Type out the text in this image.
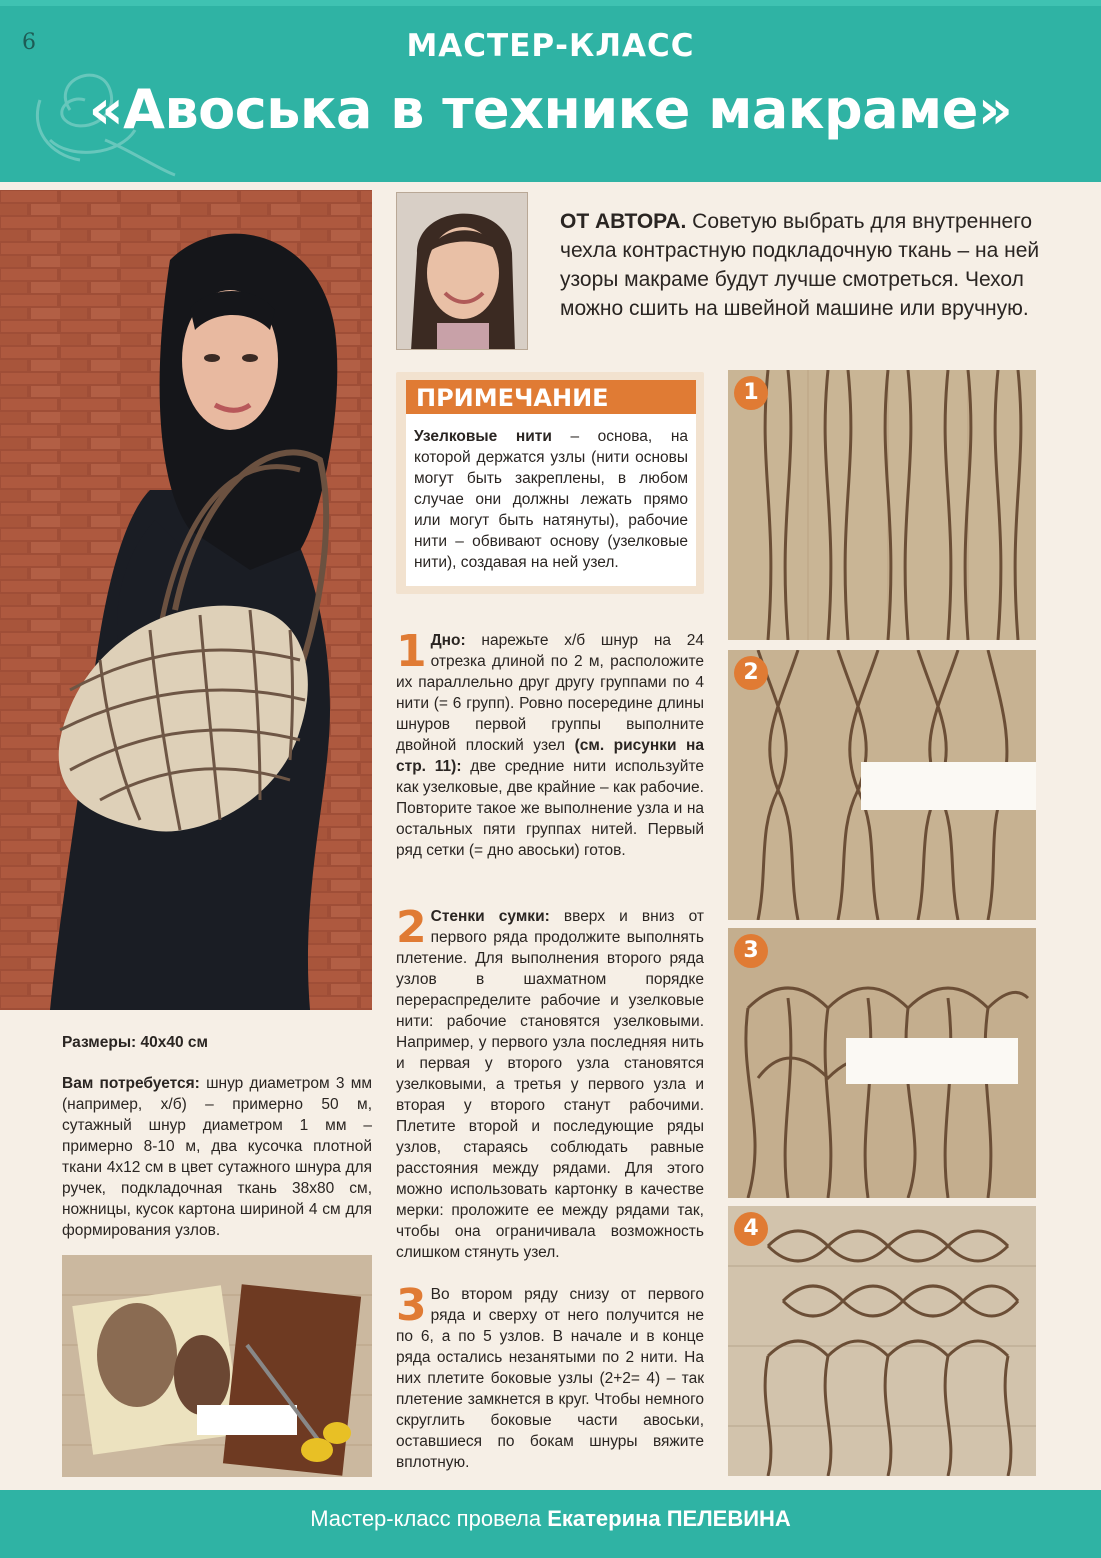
6	МАСТЕР-КЛАСС
«Авоська в технике макраме»
ОТ АВТОРА. Советую выбрать для внутреннего чехла контрастную подкладочную ткань – на ней узоры макраме будут лучше смотреться. Чехол можно сшить на швейной машине или вручную.
ПРИМЕЧАНИЕ
Узелковые нити – основа, на которой держатся узлы (нити основы могут быть закреплены, в любом случае они должны лежать прямо или могут быть натянуты), рабочие нити – обвивают основу (узелковые нити), создавая на ней узел.
1 Дно: нарежьте х/б шнур на 24 отрезка длиной по 2 м, расположите их параллельно друг другу группами по 4 нити (= 6 групп). Ровно посередине длины шнуров первой группы выполните двойной плоский узел (см. рисунки на стр. 11): две средние нити используйте как узелковые, две крайние – как рабочие. Повторите такое же выполнение узла и на остальных пяти группах нитей. Первый ряд сетки (= дно авоськи) готов.
2 Стенки сумки: вверх и вниз от первого ряда продолжите выполнять плетение. Для выполнения второго ряда узлов в шахматном порядке перераспределите рабочие и узелковые нити: рабочие становятся узелковыми. Например, у первого узла последняя нить и первая у второго узла становятся узелковыми, а третья у первого узла и вторая у второго станут рабочими. Плетите второй и последующие ряды узлов, стараясь соблюдать равные расстояния между рядами. Для этого можно использовать картонку в качестве мерки: проложите ее между рядами так, чтобы она ограничивала возможность слишком стянуть узел.
3 Во втором ряду снизу от первого ряда и сверху от него получится не по 6, а по 5 узлов. В начале и в конце ряда остались незанятыми по 2 нити. На них плетите боковые узлы (2+2= 4) – так плетение замкнется в круг. Чтобы немного скруглить боковые части авоськи, оставшиеся по бокам шнуры вяжите вплотную.
Размеры: 40х40 см
Вам потребуется: шнур диаметром 3 мм (например, х/б) – примерно 50 м, сутажный шнур диаметром 1 мм – примерно 8-10 м, два кусочка плотной ткани 4х12 см в цвет сутажного шнура для ручек, подкладочная ткань 38х80 см, ножницы, кусок картона шириной 4 см для формирования узлов.
1
2
3
4
Мастер-класс провела Екатерина ПЕЛЕВИНА
